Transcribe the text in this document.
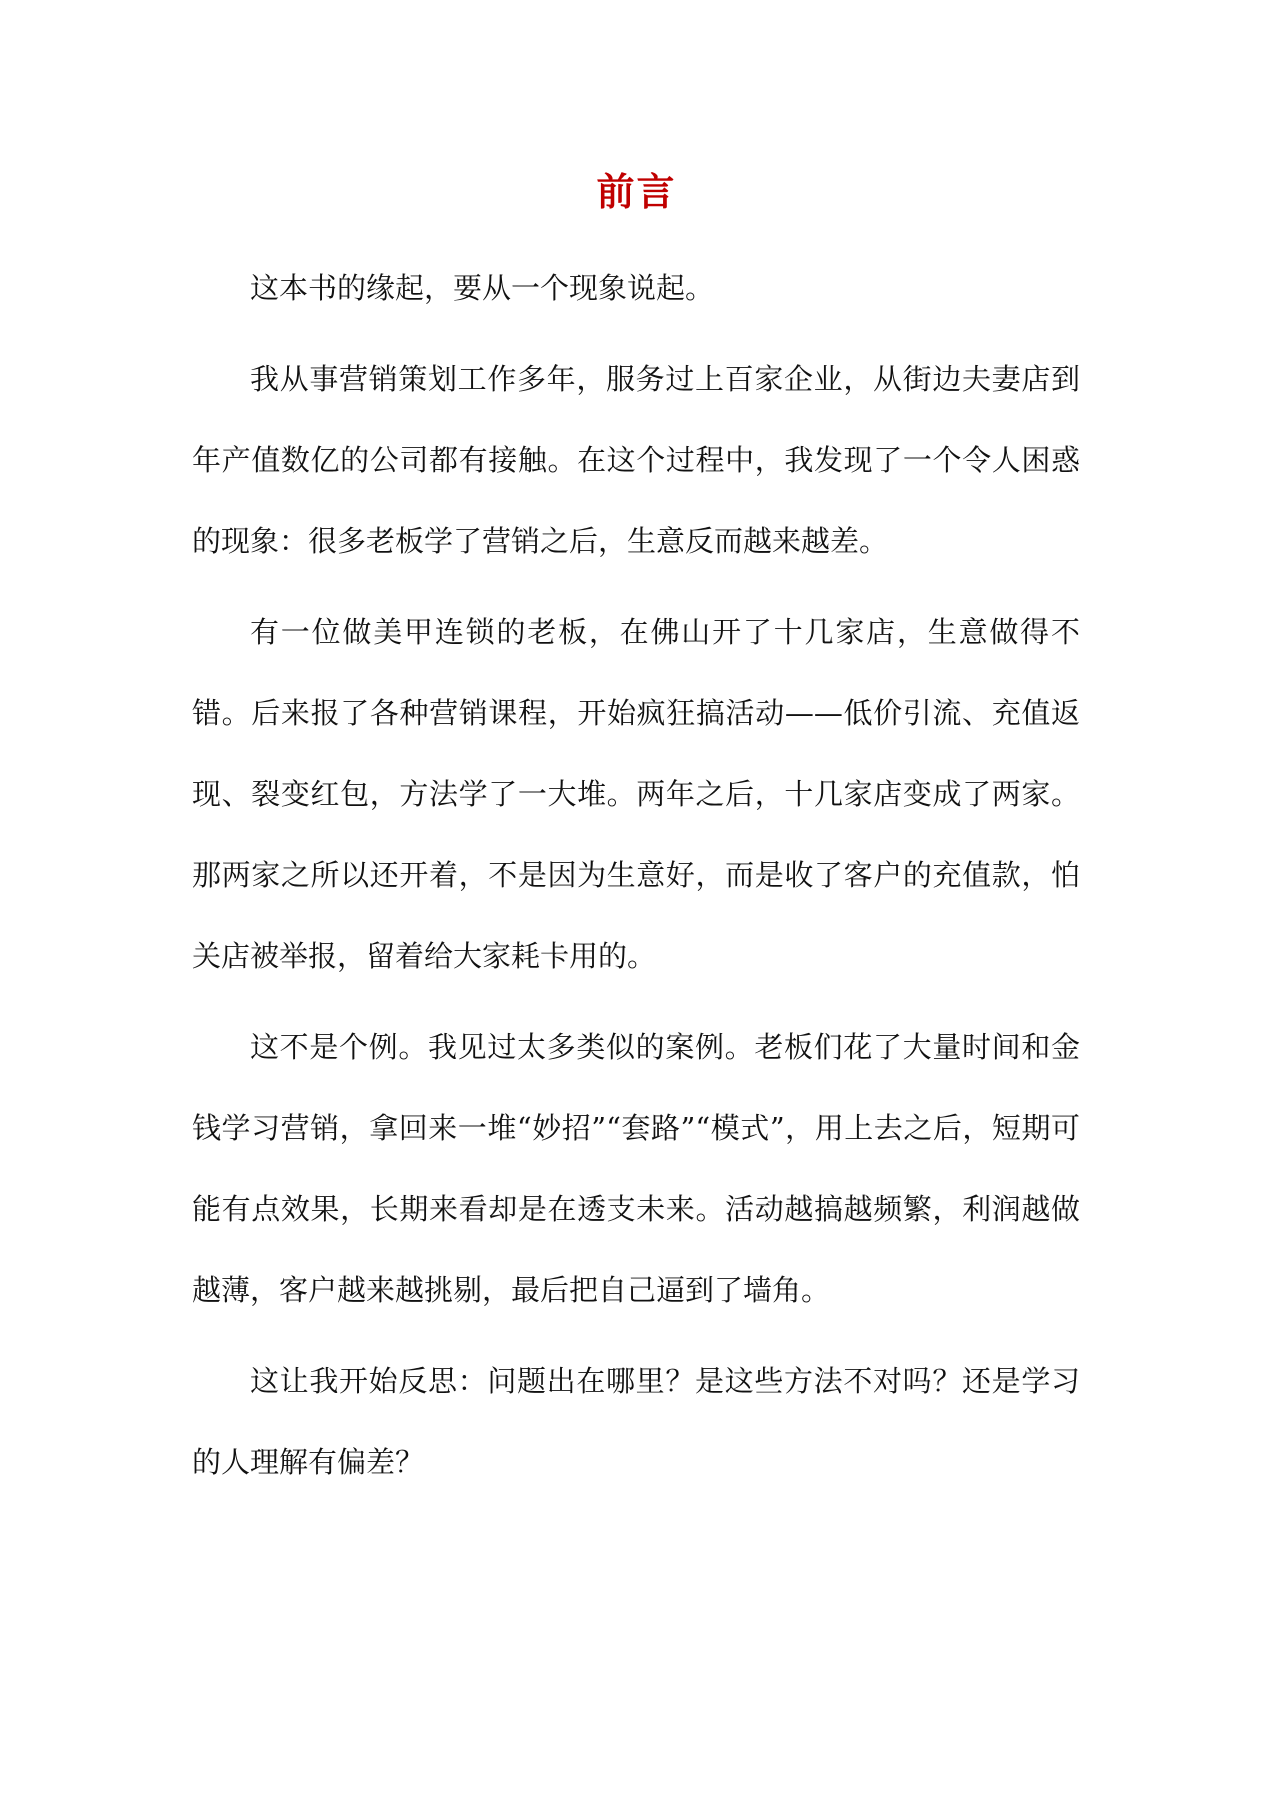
前言

这本书的缘起，要从一个现象说起。

我从事营销策划工作多年，服务过上百家企业，从街边夫妻店到年产值数亿的公司都有接触。在这个过程中，我发现了一个令人困惑的现象：很多老板学了营销之后，生意反而越来越差。

有一位做美甲连锁的老板，在佛山开了十几家店，生意做得不错。后来报了各种营销课程，开始疯狂搞活动——低价引流、充值返现、裂变红包，方法学了一大堆。两年之后，十几家店变成了两家。那两家之所以还开着，不是因为生意好，而是收了客户的充值款，怕关店被举报，留着给大家耗卡用的。

这不是个例。我见过太多类似的案例。老板们花了大量时间和金钱学习营销，拿回来一堆“妙招”“套路”“模式”，用上去之后，短期可能有点效果，长期来看却是在透支未来。活动越搞越频繁，利润越做越薄，客户越来越挑剔，最后把自己逼到了墙角。

这让我开始反思：问题出在哪里？是这些方法不对吗？还是学习的人理解有偏差？
